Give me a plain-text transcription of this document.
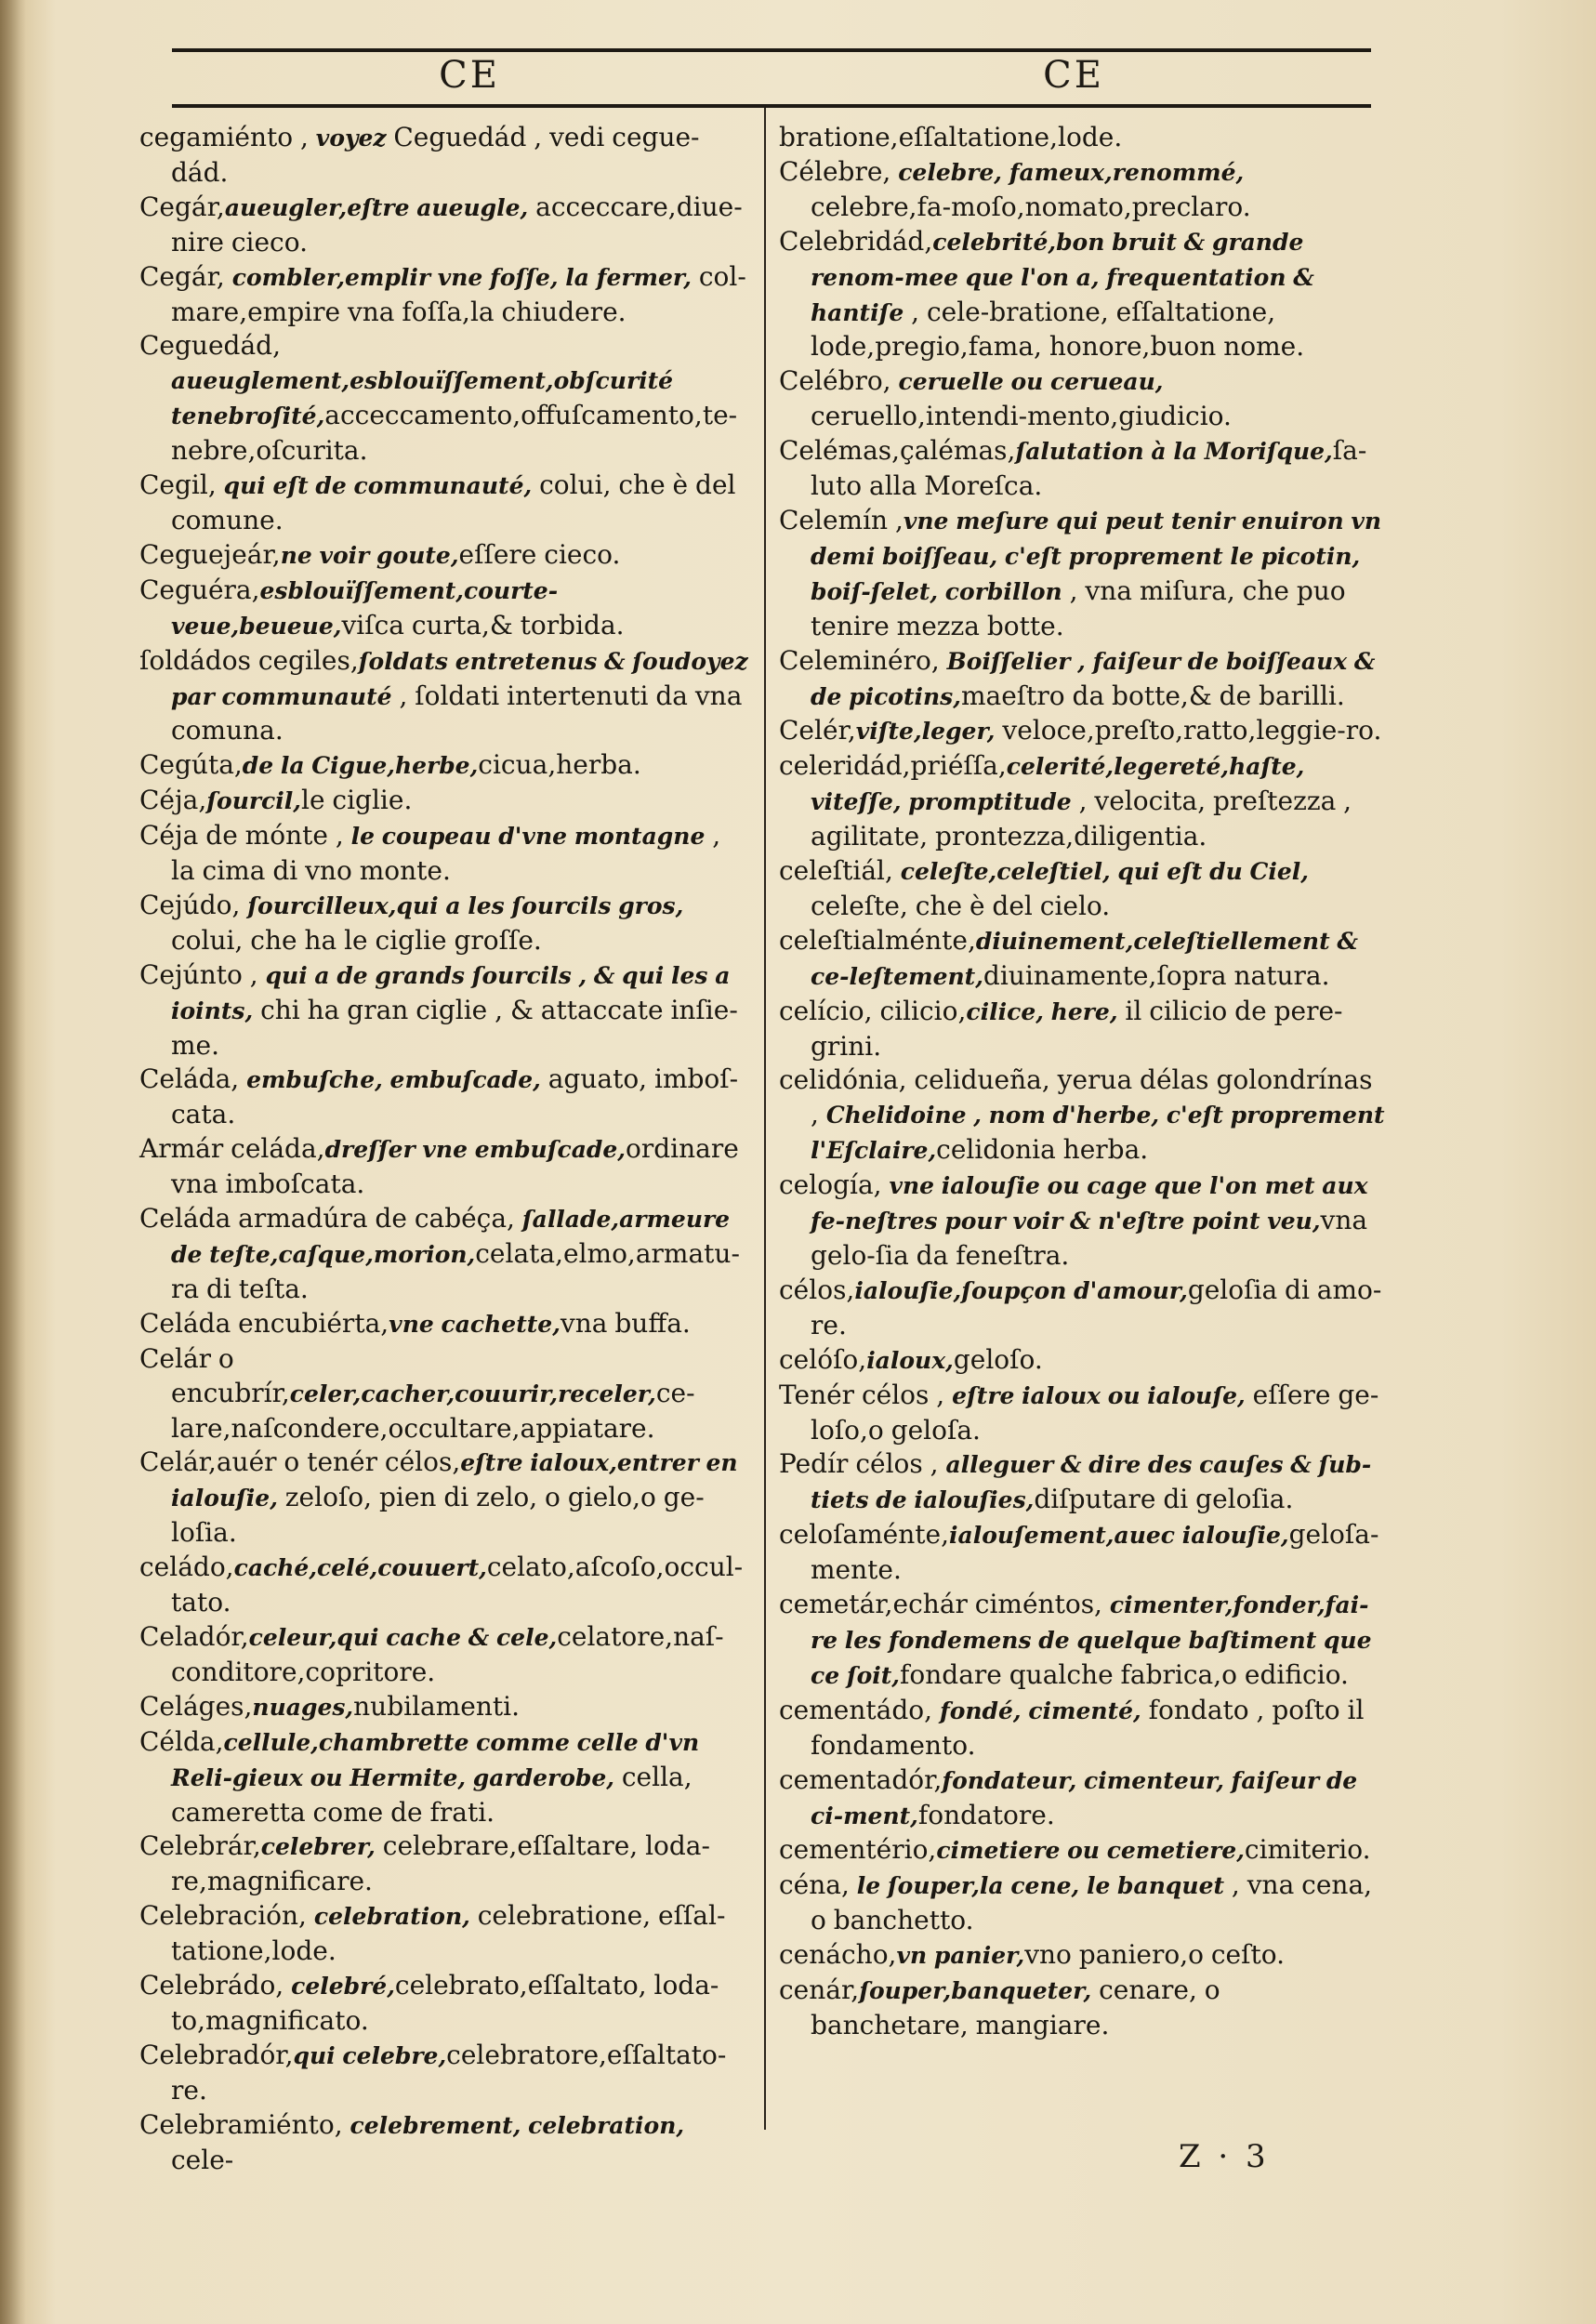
CE	CE

cegamiénto , voyez Ceguedád , vedi cegue-dád.

Cegár,aueugler,eſtre aueugle, acceccare,diue-nire cieco.

Cegár, combler,emplir vne foſſe, la fermer, col-mare,empire vna foſſa,la chiudere.

Ceguedád, aueuglement,esblouïſſement,obſcurité tenebroſité,acceccamento,offuſcamento,te-nebre,oſcurita.

Cegil, qui eſt de communauté, colui, che è del comune.

Ceguejeár,ne voir goute,eſſere cieco.

Ceguéra,esblouïſſement,courte-veue,beueue,viſca curta,& torbida.

ſoldádos cegiles,ſoldats entretenus & ſoudoyez par communauté , ſoldati intertenuti da vna comuna.

Cegúta,de la Cigue,herbe,cicua,herba.

Céja,ſourcil,le ciglie.

Céja de mónte , le coupeau d'vne montagne , la cima di vno monte.

Cejúdo, ſourcilleux,qui a les ſourcils gros, colui, che ha le ciglie groſſe.

Cejúnto , qui a de grands ſourcils , & qui les a ioints, chi ha gran ciglie , & attaccate inſie-me.

Celáda, embuſche, embuſcade, aguato, imboſ-cata.

Armár celáda,dreſſer vne embuſcade,ordinare vna imboſcata.

Celáda armadúra de cabéça, ſallade,armeure de teſte,caſque,morion,celata,elmo,armatu-ra di teſta.

Celáda encubiérta,vne cachette,vna buffa.

Celár o encubrír,celer,cacher,couurir,receler,ce-lare,naſcondere,occultare,appiatare.

Celár,auér o tenér célos,eſtre ialoux,entrer en ialouſie, zeloſo, pien di zelo, o gielo,o ge-loſia.

celádo,caché,celé,couuert,celato,aſcoſo,occul-tato.

Celadór,celeur,qui cache & cele,celatore,naſ-conditore,copritore.

Celáges,nuages,nubilamenti.

Célda,cellule,chambrette comme celle d'vn Reli-gieux ou Hermite, garderobe, cella, cameretta come de frati.

Celebrár,celebrer, celebrare,eſſaltare, loda-re,magnificare.

Celebración, celebration, celebratione, eſſal-tatione,lode.

Celebrádo, celebré,celebrato,eſſaltato, loda-to,magnificato.

Celebradór,qui celebre,celebratore,eſſaltato-re.

Celebramiénto, celebrement, celebration, cele-

bratione,eſſaltatione,lode.

Célebre, celebre, fameux,renommé, celebre,fa-moſo,nomato,preclaro.

Celebridád,celebrité,bon bruit & grande renom-mee que l'on a, frequentation & hantiſe , cele-bratione, eſſaltatione, lode,pregio,fama, honore,buon nome.

Celébro, ceruelle ou cerueau, ceruello,intendi-mento,giudicio.

Celémas,çalémas,ſalutation à la Moriſque,ſa-luto alla Moreſca.

Celemín ,vne meſure qui peut tenir enuiron vn demi boiſſeau, c'eſt proprement le picotin, boiſ-ſelet, corbillon , vna miſura, che puo tenire mezza botte.

Celeminéro, Boiſſelier , faiſeur de boiſſeaux & de picotins,maeſtro da botte,& de barilli.

Celér,viſte,leger, veloce,preſto,ratto,leggie-ro.

celeridád,priéſſa,celerité,legereté,haſte, viteſſe, promptitude , velocita, preſtezza , agilitate, prontezza,diligentia.

celeſtiál, celeſte,celeſtiel, qui eſt du Ciel, celeſte, che è del cielo.

celeſtialménte,diuinement,celeſtiellement & ce-leſtement,diuinamente,ſopra natura.

celício, cilicio,cilice, here, il cilicio de pere-grini.

celidónia, celidueña, yerua délas golondrínas , Chelidoine , nom d'herbe, c'eſt proprement l'Eſclaire,celidonia herba.

celogía, vne ialouſie ou cage que l'on met aux fe-neſtres pour voir & n'eſtre point veu,vna gelo-ſia da feneſtra.

célos,ialouſie,ſoupçon d'amour,geloſia di amo-re.

celóſo,ialoux,geloſo.

Tenér célos , eſtre ialoux ou ialouſe, eſſere ge-loſo,o geloſa.

Pedír célos , alleguer & dire des cauſes & ſub-tiets de ialouſies,diſputare di geloſia.

celoſaménte,ialouſement,auec ialouſie,geloſa-mente.

cemetár,echár ciméntos, cimenter,fonder,fai-re les fondemens de quelque baſtiment que ce ſoit,fondare qualche fabrica,o edificio.

cementádo, fondé, cimenté, fondato , poſto il fondamento.

cementadór,fondateur, cimenteur, faiſeur de ci-ment,fondatore.

cementério,cimetiere ou cemetiere,cimiterio.

céna, le ſouper,la cene, le banquet , vna cena, o banchetto.

cenácho,vn panier,vno paniero,o ceſto.

cenár,ſouper,banqueter, cenare, o banchetare, mangiare.

Z · 3
